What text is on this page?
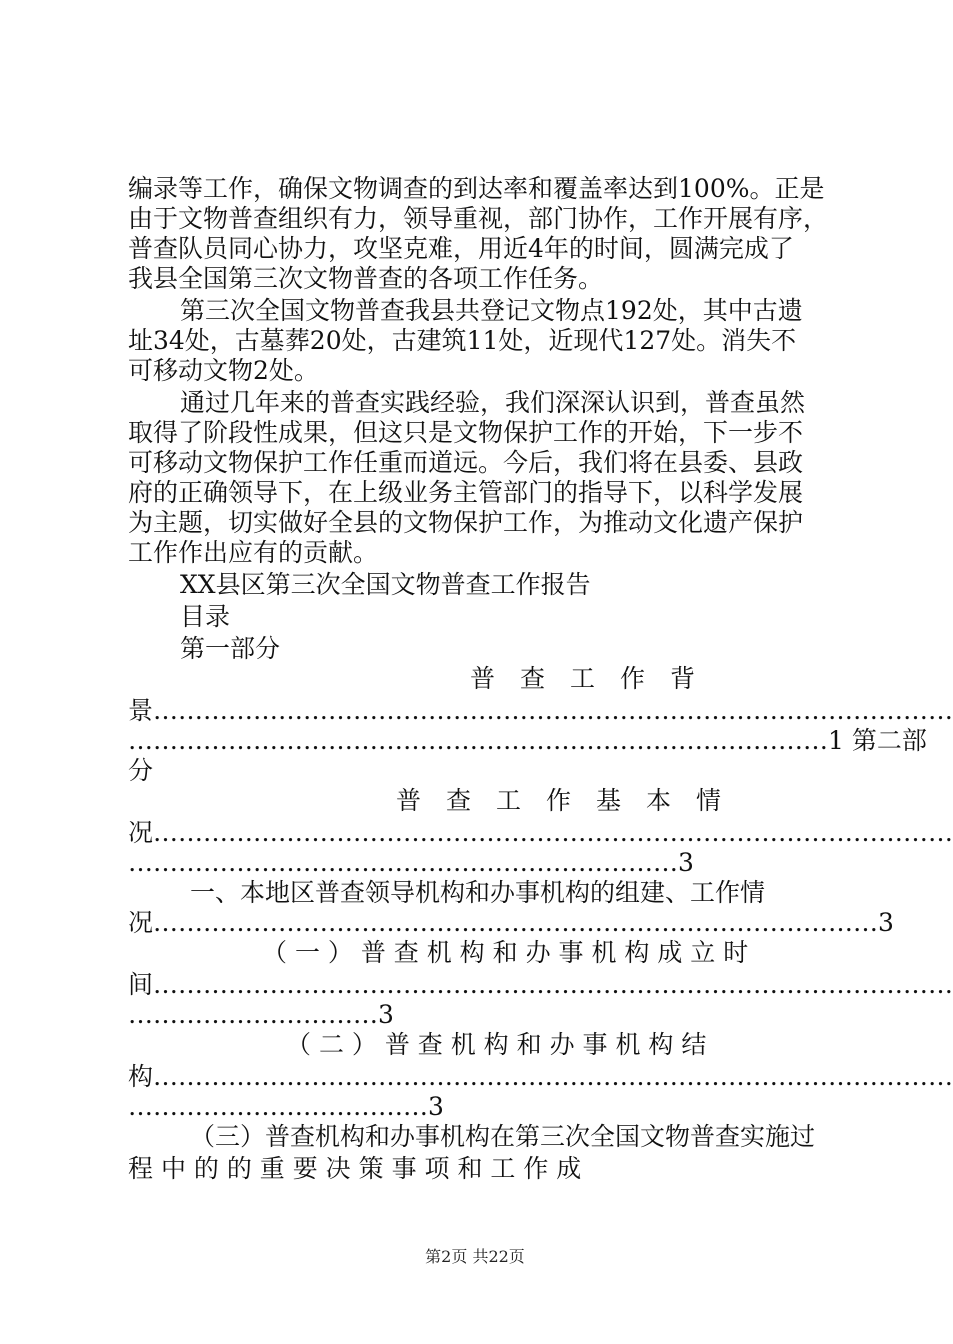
编录等工作，确保文物调查的到达率和覆盖率达到100%。正是
由于文物普查组织有力，领导重视，部门协作，工作开展有序，
普查队员同心协力，攻坚克难，用近4年的时间，圆满完成了
我县全国第三次文物普查的各项工作任务。
第三次全国文物普查我县共登记文物点192处，其中古遗
址34处，古墓葬20处，古建筑11处，近现代127处。消失不
可移动文物2处。
通过几年来的普查实践经验，我们深深认识到，普查虽然
取得了阶段性成果，但这只是文物保护工作的开始，下一步不
可移动文物保护工作任重而道远。今后，我们将在县委、县政
府的正确领导下，在上级业务主管部门的指导下，以科学发展
为主题，切实做好全县的文物保护工作，为推动文化遗产保护
工作作出应有的贡献。
XX县区第三次全国文物普查工作报告
目录
第一部分
普　查　工　作　背
景……………………………………………………………………………………
…………………………………………………………………………1 第二部
分
普　查　工　作　基　本　情
况……………………………………………………………………………………
…………………………………………………………3
一、本地区普查领导机构和办事机构的组建、工作情
况……………………………………………………………………………3
（ 一 ） 普 查 机 构 和 办 事 机 构 成 立 时
间……………………………………………………………………………………
…………………………3
（ 二 ） 普 查 机 构 和 办 事 机 构 结
构……………………………………………………………………………………
………………………………3
（三）普查机构和办事机构在第三次全国文物普查实施过
程 中 的 的 重 要 决 策 事 项 和 工 作 成
第2页 共22页
